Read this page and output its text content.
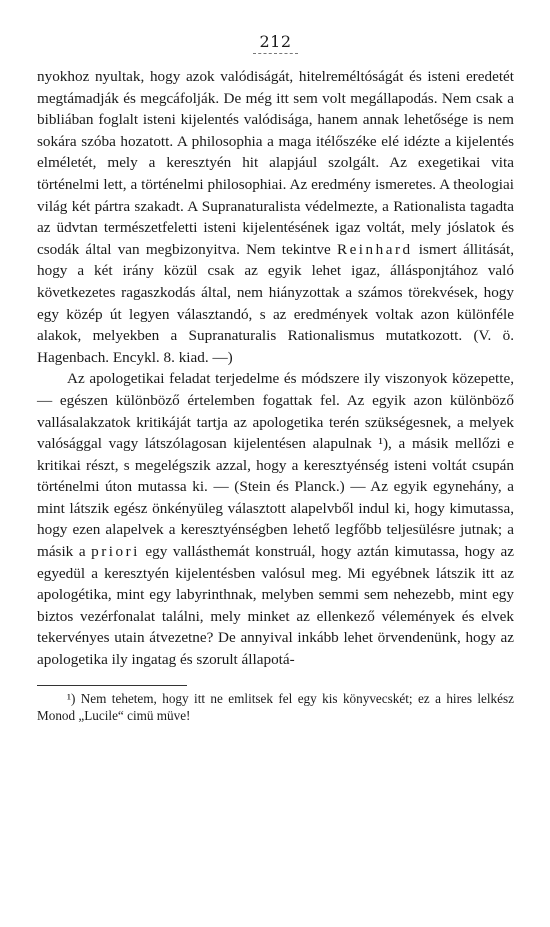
212

nyokhoz nyultak, hogy azok valódiságát, hitelreméltóságát és isteni eredetét megtámadják és megcáfolják. De még itt sem volt megállapodás. Nem csak a bibliában foglalt isteni kijelentés valódisága, hanem annak lehetősége is nem sokára szóba hozatott. A philosophia a maga itélőszéke elé idézte a kijelentés elméletét, mely a keresztyén hit alapjául szolgált. Az exegetikai vita történelmi lett, a történelmi philosophiai. Az eredmény ismeretes. A theologiai világ két pártra szakadt. A Supranaturalista védelmezte, a Rationalista tagadta az üdvtan természetfeletti isteni kijelentésének igaz voltát, mely jóslatok és csodák által van megbizonyitva. Nem tekintve Reinhard ismert állitását, hogy a két irány közül csak az egyik lehet igaz, állásponjtához való következetes ragaszkodás által, nem hiányzottak a számos törekvések, hogy egy közép út legyen választandó, s az eredmények voltak azon különféle alakok, melyekben a Supranaturalis Rationalismus mutatkozott. (V. ö. Hagenbach. Encykl. 8. kiad. —)

Az apologetikai feladat terjedelme és módszere ily viszonyok közepette, — egészen különböző értelemben fogattak fel. Az egyik azon különböző vallásalakzatok kritikáját tartja az apologetika terén szükségesnek, a melyek valósággal vagy látszólagosan kijelentésen alapulnak ¹), a másik mellőzi e kritikai részt, s megelégszik azzal, hogy a keresztyénség isteni voltát csupán történelmi úton mutassa ki. — (Stein és Planck.) — Az egyik egynehány, a mint látszik egész önkényüleg választott alapelvből indul ki, hogy kimutassa, hogy ezen alapelvek a keresztyénségben lehető legfőbb teljesülésre jutnak; a másik a priori egy vallásthemát konstruál, hogy aztán kimutassa, hogy az egyedül a keresztyén kijelentésben valósul meg. Mi egyébnek látszik itt az apologétika, mint egy labyrinthnak, melyben semmi sem nehezebb, mint egy biztos vezérfonalat találni, mely minket az ellenkező vélemények és elvek tekervényes utain átvezetne? De annyival inkább lehet örvendenünk, hogy az apologetika ily ingatag és szorult állapotá-

¹) Nem tehetem, hogy itt ne emlitsek fel egy kis könyvecskét; ez a hires lelkész Monod „Lucile“ cimü müve!
